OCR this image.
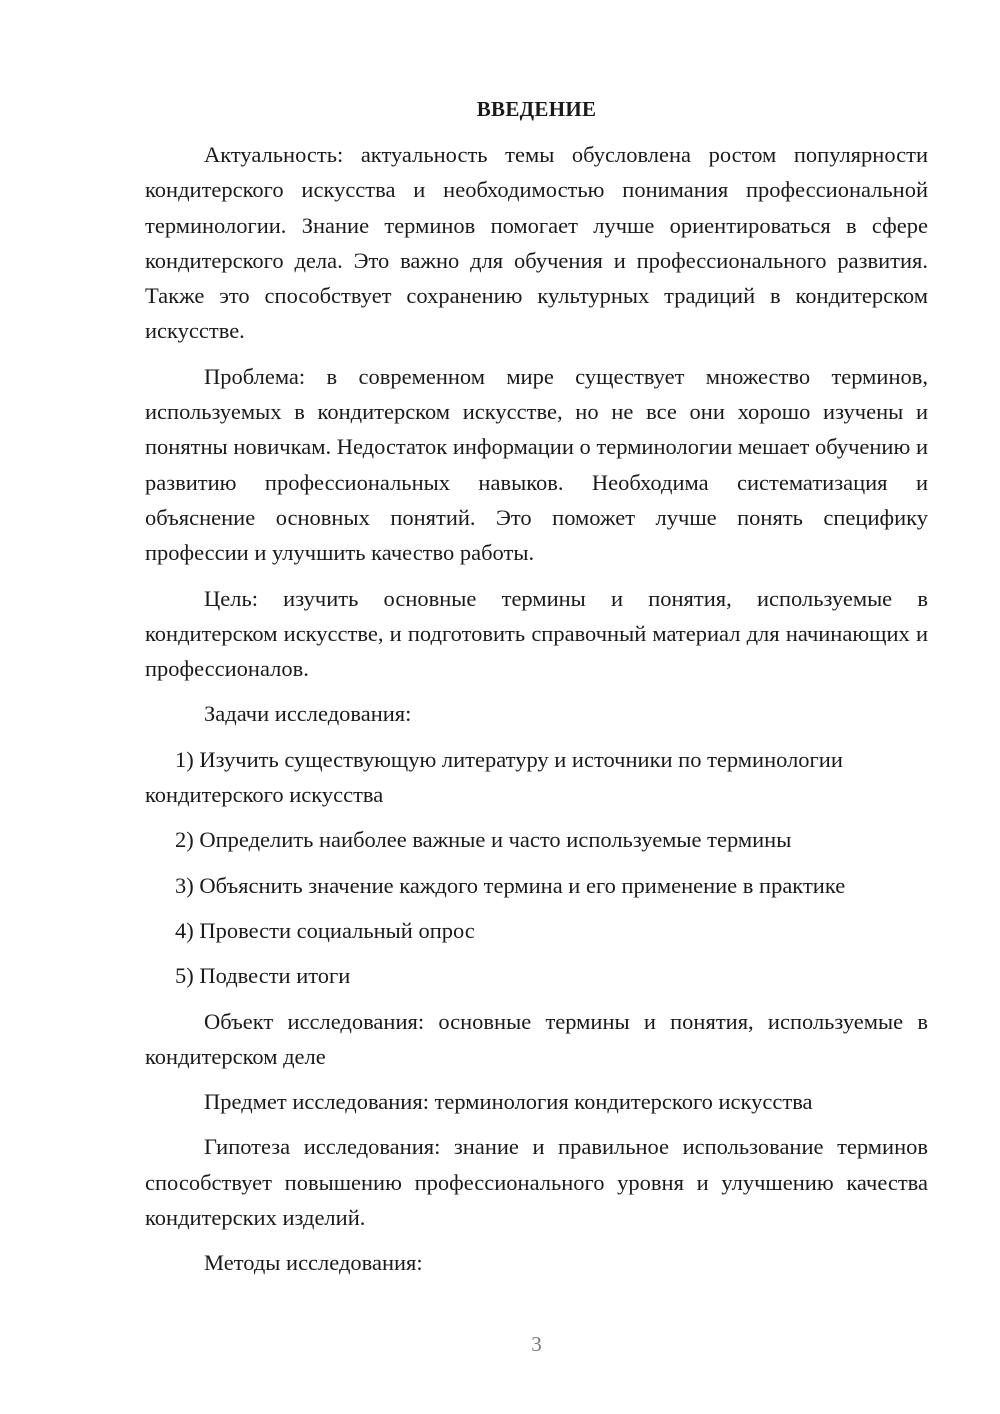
ВВЕДЕНИЕ

Актуальность: актуальность темы обусловлена ростом популярности кондитерского искусства и необходимостью понимания профессиональной терминологии. Знание терминов помогает лучше ориентироваться в сфере кондитерского дела. Это важно для обучения и профессионального развития. Также это способствует сохранению культурных традиций в кондитерском искусстве.

Проблема: в современном мире существует множество терминов, используемых в кондитерском искусстве, но не все они хорошо изучены и понятны новичкам. Недостаток информации о терминологии мешает обучению и развитию профессиональных навыков. Необходима систематизация и объяснение основных понятий. Это поможет лучше понять специфику профессии и улучшить качество работы.

Цель: изучить основные термины и понятия, используемые в кондитерском искусстве, и подготовить справочный материал для начинающих и профессионалов.

Задачи исследования:

1) Изучить существующую литературу и источники по терминологии кондитерского искусства

2) Определить наиболее важные и часто используемые термины

3) Объяснить значение каждого термина и его применение в практике

4) Провести социальный опрос

5) Подвести итоги

Объект исследования: основные термины и понятия, используемые в кондитерском деле

Предмет исследования: терминология кондитерского искусства

Гипотеза исследования: знание и правильное использование терминов способствует повышению профессионального уровня и улучшению качества кондитерских изделий.

Методы исследования:

3
